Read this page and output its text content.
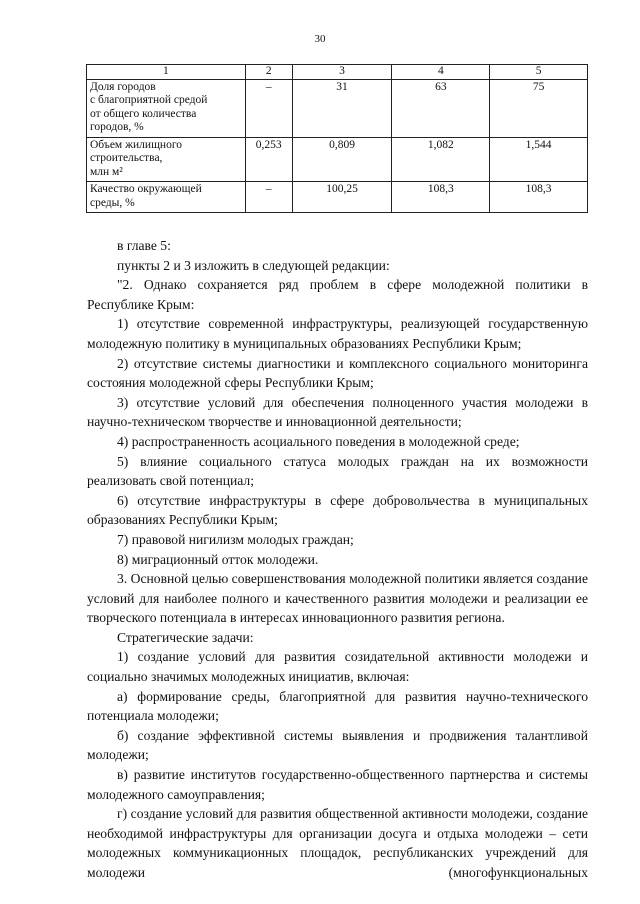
30
1	2	3	4	5
Доля городов
с благоприятной средой
от общего количества
городов, %	–	31	63	75
Объем жилищного
строительства,
млн м²	0,253	0,809	1,082	1,544
Качество окружающей
среды, %	–	100,25	108,3	108,3

в главе 5:

пункты 2 и 3 изложить в следующей редакции:

"2. Однако сохраняется ряд проблем в сфере молодежной политики в Республике Крым:

1) отсутствие современной инфраструктуры, реализующей государственную молодежную политику в муниципальных образованиях Республики Крым;

2) отсутствие системы диагностики и комплексного социального мониторинга состояния молодежной сферы Республики Крым;

3) отсутствие условий для обеспечения полноценного участия молодежи в научно-техническом творчестве и инновационной деятельности;

4) распространенность асоциального поведения в молодежной среде;

5) влияние социального статуса молодых граждан на их возможности реализовать свой потенциал;

6) отсутствие инфраструктуры в сфере добровольчества в муниципальных образованиях Республики Крым;

7) правовой нигилизм молодых граждан;

8) миграционный отток молодежи.

3. Основной целью совершенствования молодежной политики является создание условий для наиболее полного и качественного развития молодежи и реализации ее творческого потенциала в интересах инновационного развития региона.

Стратегические задачи:

1) создание условий для развития созидательной активности молодежи и социально значимых молодежных инициатив, включая:

а) формирование среды, благоприятной для развития научно-технического потенциала молодежи;

б) создание эффективной системы выявления и продвижения талантливой молодежи;

в) развитие институтов государственно-общественного партнерства и системы молодежного самоуправления;

г) создание условий для развития общественной активности молодежи, создание необходимой инфраструктуры для организации досуга и отдыха молодежи – сети молодежных коммуникационных площадок, республиканских учреждений для молодежи (многофункциональных
